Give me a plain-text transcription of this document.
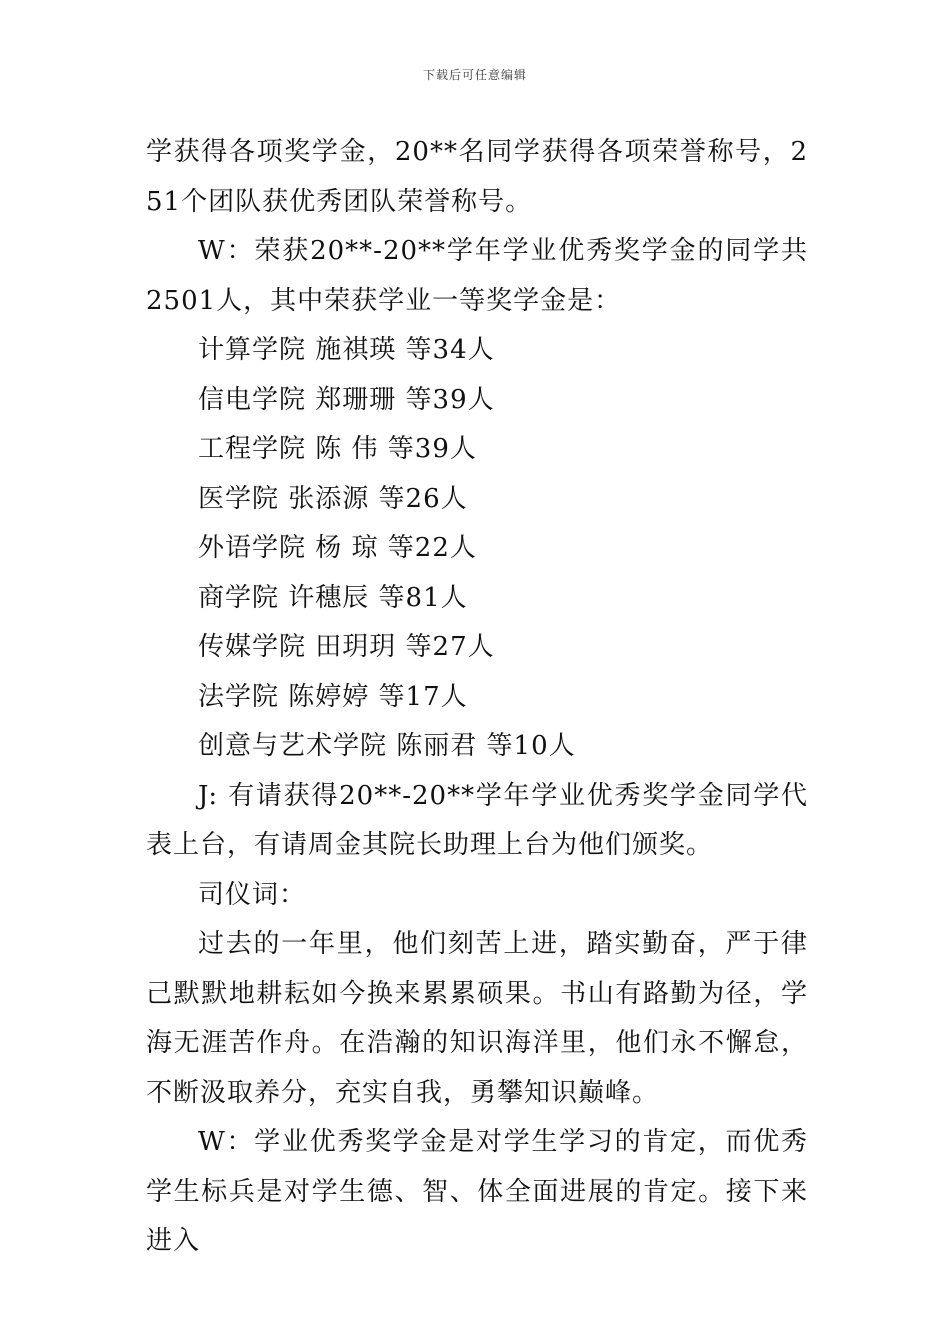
下载后可任意编辑

学获得各项奖学金，20**名同学获得各项荣誉称号，251个团队获优秀团队荣誉称号。

W：荣获20**-20**学年学业优秀奖学金的同学共2501人，其中荣获学业一等奖学金是：

计算学院 施祺瑛 等34人

信电学院 郑珊珊 等39人

工程学院 陈 伟 等39人

医学院 张添源 等26人

外语学院 杨 琼 等22人

商学院 许穗辰 等81人

传媒学院 田玥玥 等27人

法学院 陈婷婷 等17人

创意与艺术学院 陈丽君 等10人

J: 有请获得20**-20**学年学业优秀奖学金同学代表上台，有请周金其院长助理上台为他们颁奖。

司仪词：

过去的一年里，他们刻苦上进，踏实勤奋，严于律己默默地耕耘如今换来累累硕果。书山有路勤为径，学海无涯苦作舟。在浩瀚的知识海洋里，他们永不懈怠，不断汲取养分，充实自我，勇攀知识巅峰。

W：学业优秀奖学金是对学生学习的肯定，而优秀学生标兵是对学生德、智、体全面进展的肯定。接下来进入
